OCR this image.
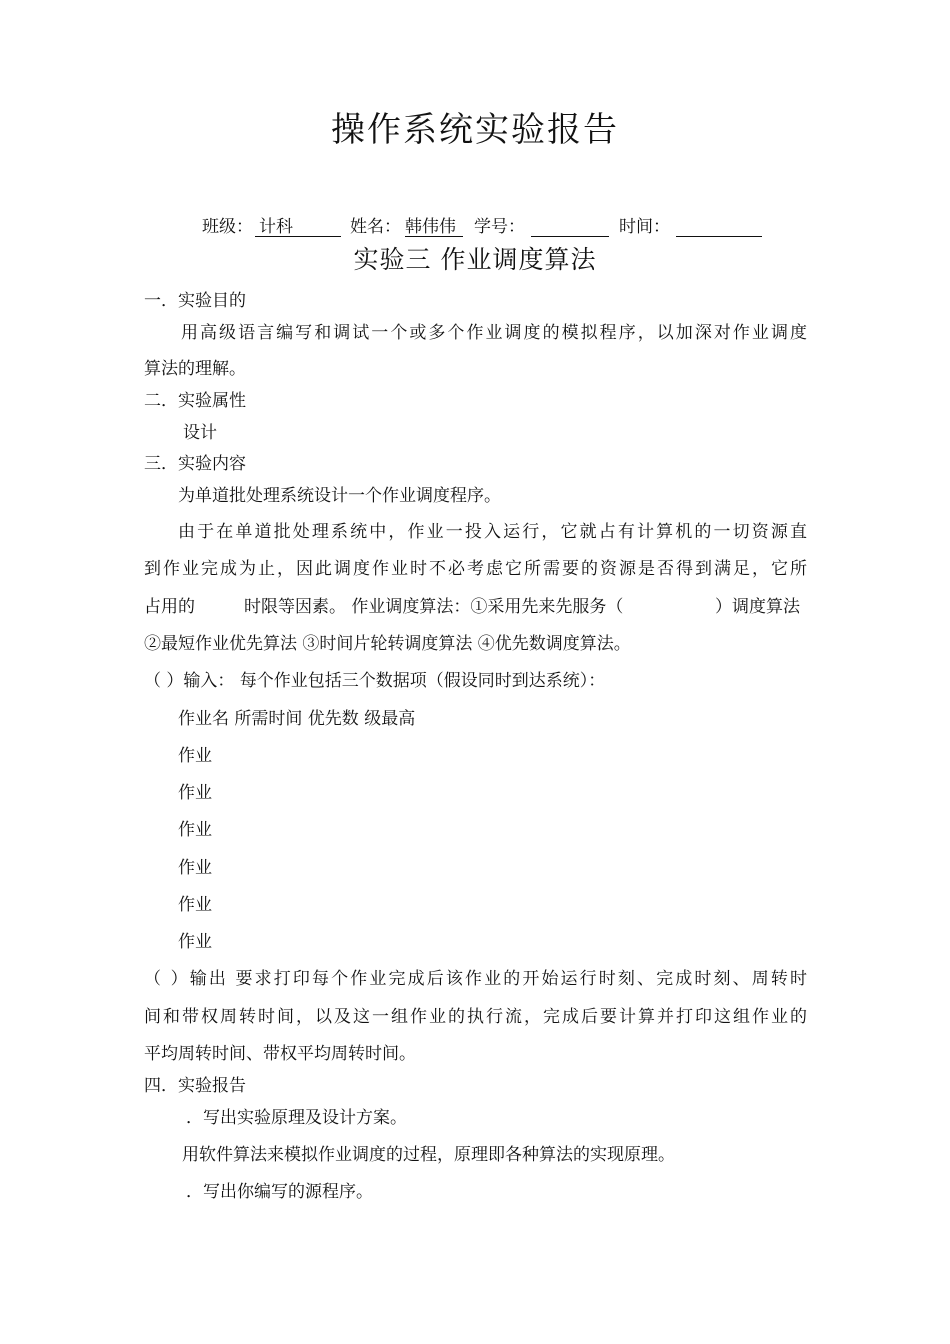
操作系统实验报告
班级： 计科	姓名： 韩伟伟 学号：	时间：
实验三 作业调度算法
一．实验目的
用高级语言编写和调试一个或多个作业调度的模拟程序，以加深对作业调度
算法的理解。
二．实验属性
设计
三．实验内容
为单道批处理系统设计一个作业调度程序。
由于在单道批处理系统中，作业一投入运行，它就占有计算机的一切资源直
到作业完成为止，因此调度作业时不必考虑它所需要的资源是否得到满足，它所
占用的	时限等因素。 作业调度算法：①采用先来先服务（	）调度算法
②最短作业优先算法 ③时间片轮转调度算法 ④优先数调度算法。
（ ）输入： 每个作业包括三个数据项（假设同时到达系统）：
作业名 所需时间 优先数 级最高
作业
作业
作业
作业
作业
作业
（ ）输出 要求打印每个作业完成后该作业的开始运行时刻、完成时刻、周转时
间和带权周转时间，以及这一组作业的执行流，完成后要计算并打印这组作业的
平均周转时间、带权平均周转时间。
四．实验报告
．写出实验原理及设计方案。
用软件算法来模拟作业调度的过程，原理即各种算法的实现原理。
．写出你编写的源程序。
